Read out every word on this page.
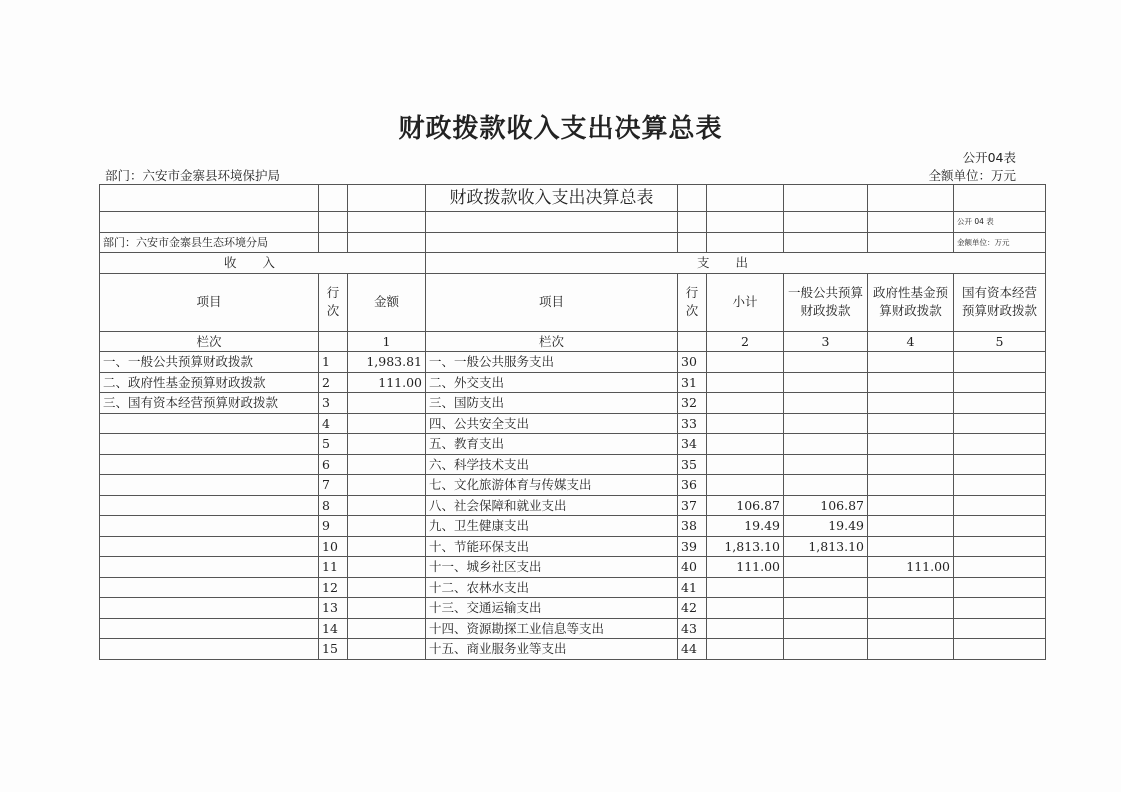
财政拨款收入支出决算总表
公开04表
部门：六安市金寨县环境保护局	全额单位：万元
			财政拨款收入支出决算总表					
								公开 04 表
部门：六安市金寨县生态环境分局								金额单位：万元
收入			支出					
项目	行次	金额	项目	行次	小计	一般公共预算财政拨款	政府性基金预算财政拨款	国有资本经营预算财政拨款
栏次		1	栏次		2	3	4	5
一、一般公共预算财政拨款	1	1,983.81	一、一般公共服务支出	30				
二、政府性基金预算财政拨款	2	111.00	二、外交支出	31				
三、国有资本经营预算财政拨款	3		三、国防支出	32				
	4		四、公共安全支出	33				
	5		五、教育支出	34				
	6		六、科学技术支出	35				
	7		七、文化旅游体育与传媒支出	36				
	8		八、社会保障和就业支出	37	106.87	106.87		
	9		九、卫生健康支出	38	19.49	19.49		
	10		十、节能环保支出	39	1,813.10	1,813.10		
	11		十一、城乡社区支出	40	111.00		111.00	
	12		十二、农林水支出	41				
	13		十三、交通运输支出	42				
	14		十四、资源勘探工业信息等支出	43				
	15		十五、商业服务业等支出	44				
